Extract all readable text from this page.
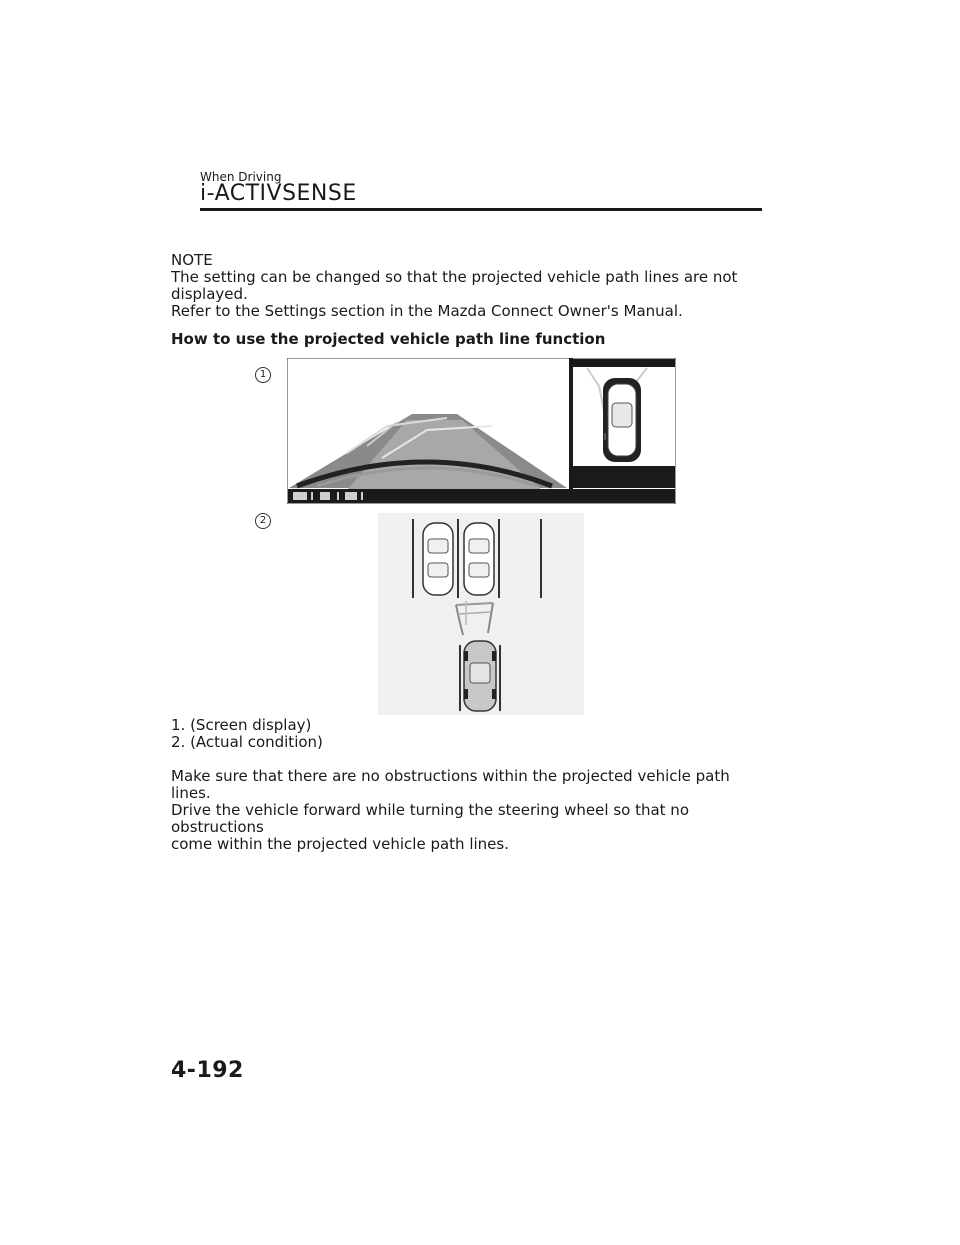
When Driving
i-ACTIVSENSE
NOTE
The setting can be changed so that the projected vehicle path lines are not
displayed.
Refer to the Settings section in the Mazda Connect Owner's Manual.
How to use the projected vehicle path line function
1
2
1. (Screen display)
2. (Actual condition)
Make sure that there are no obstructions within the projected vehicle path lines.
Drive the vehicle forward while turning the steering wheel so that no obstructions
come within the projected vehicle path lines.
4-192
